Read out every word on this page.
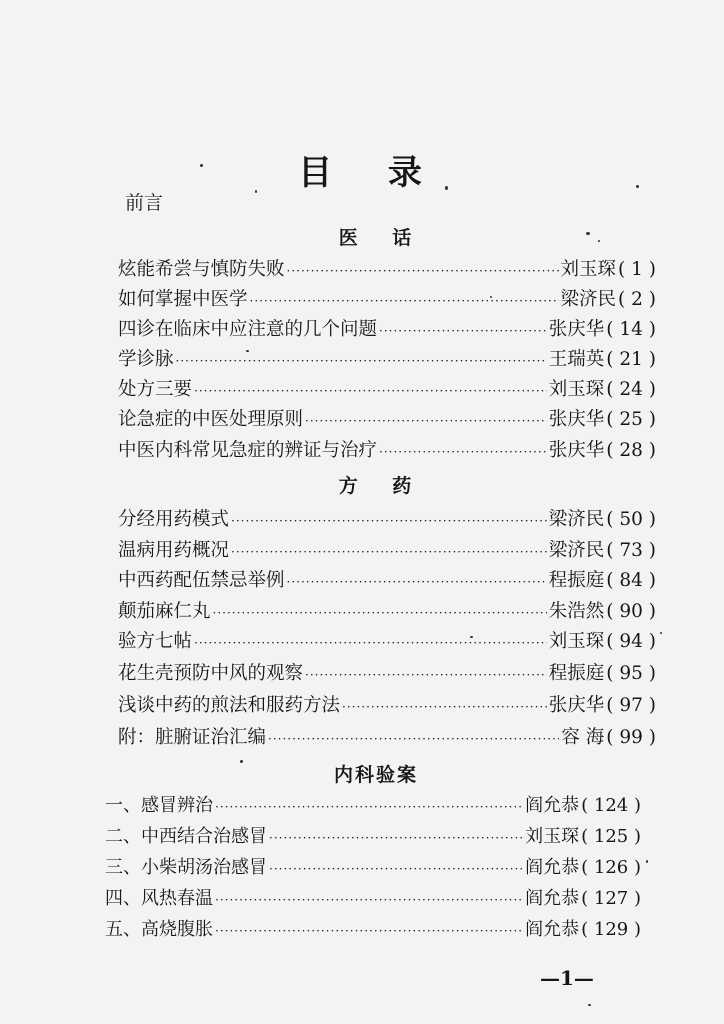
目 录
前言
医 话
炫能希尝与慎防失败 ·····	刘玉琛 ( 1 )
如何掌握中医学 ·····	梁济民 ( 2 )
四诊在临床中应注意的几个问题 ·····	张庆华 ( 14 )
学诊脉 ·····	王瑞英 ( 21 )
处方三要 ·····	刘玉琛 ( 24 )
论急症的中医处理原则 ·····	张庆华 ( 25 )
中医内科常见急症的辨证与治疗 ·····	张庆华 ( 28 )
方 药
分经用药模式 ·····	梁济民 ( 50 )
温病用药概况 ·····	梁济民 ( 73 )
中西药配伍禁忌举例 ·····	程振庭 ( 84 )
颠茄麻仁丸 ·····	朱浩然 ( 90 )
验方七帖 ·····	刘玉琛 ( 94 )
花生壳预防中风的观察 ·····	程振庭 ( 95 )
浅谈中药的煎法和服药方法 ·····	张庆华 ( 97 )
附：脏腑证治汇编 ·····	容 海 ( 99 )
内科验案
一、感冒辨治 ·····	阎允恭 ( 124 )
二、中西结合治感冒 ·····	刘玉琛 ( 125 )
三、小柴胡汤治感冒 ·····	阎允恭 ( 126 )
四、风热春温 ·····	阎允恭 ( 127 )
五、高烧腹胀 ·····	阎允恭 ( 129 )
—1—
